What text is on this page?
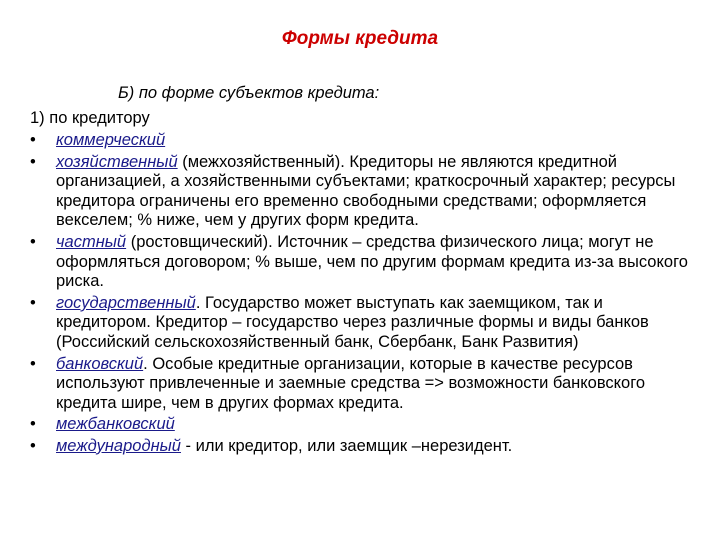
Формы кредита
Б) по форме субъектов кредита:
1) по кредитору
• коммерческий
• хозяйственный (межхозяйственный). Кредиторы не являются кредитной организацией, а хозяйственными субъектами; краткосрочный характер; ресурсы кредитора ограничены его временно свободными средствами; оформляется векселем; % ниже, чем у других форм кредита.
• частный (ростовщический). Источник – средства физического лица; могут не оформляться договором; % выше, чем по другим формам кредита из-за высокого риска.
• государственный. Государство может выступать как заемщиком, так и кредитором. Кредитор – государство через различные формы и виды банков (Российский сельскохозяйственный банк, Сбербанк, Банк Развития)
• банковский. Особые кредитные организации, которые в качестве ресурсов используют привлеченные и заемные средства => возможности банковского кредита шире, чем в других формах кредита.
• межбанковский
• международный - или кредитор, или заемщик –нерезидент.
